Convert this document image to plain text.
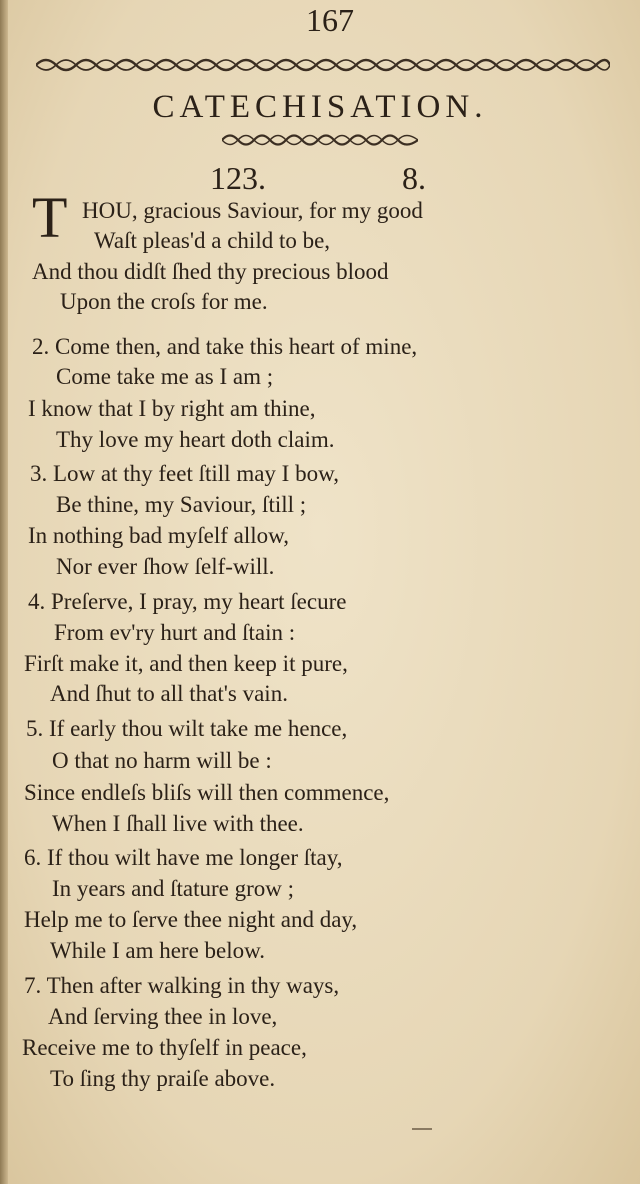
167
CATECHISATION.
123.	8.
T HOU, gracious Saviour, for my good
Waſt pleas'd a child to be,
And thou didſt ſhed thy precious blood
Upon the croſs for me.
2. Come then, and take this heart of mine,
Come take me as I am ;
I know that I by right am thine,
Thy love my heart doth claim.
3. Low at thy feet ſtill may I bow,
Be thine, my Saviour, ſtill ;
In nothing bad myſelf allow,
Nor ever ſhow ſelf-will.
4. Preſerve, I pray, my heart ſecure
From ev'ry hurt and ſtain :
Firſt make it, and then keep it pure,
And ſhut to all that's vain.
5. If early thou wilt take me hence,
O that no harm will be :
Since endleſs bliſs will then commence,
When I ſhall live with thee.
6. If thou wilt have me longer ſtay,
In years and ſtature grow ;
Help me to ſerve thee night and day,
While I am here below.
7. Then after walking in thy ways,
And ſerving thee in love,
Receive me to thyſelf in peace,
To ſing thy praiſe above.
